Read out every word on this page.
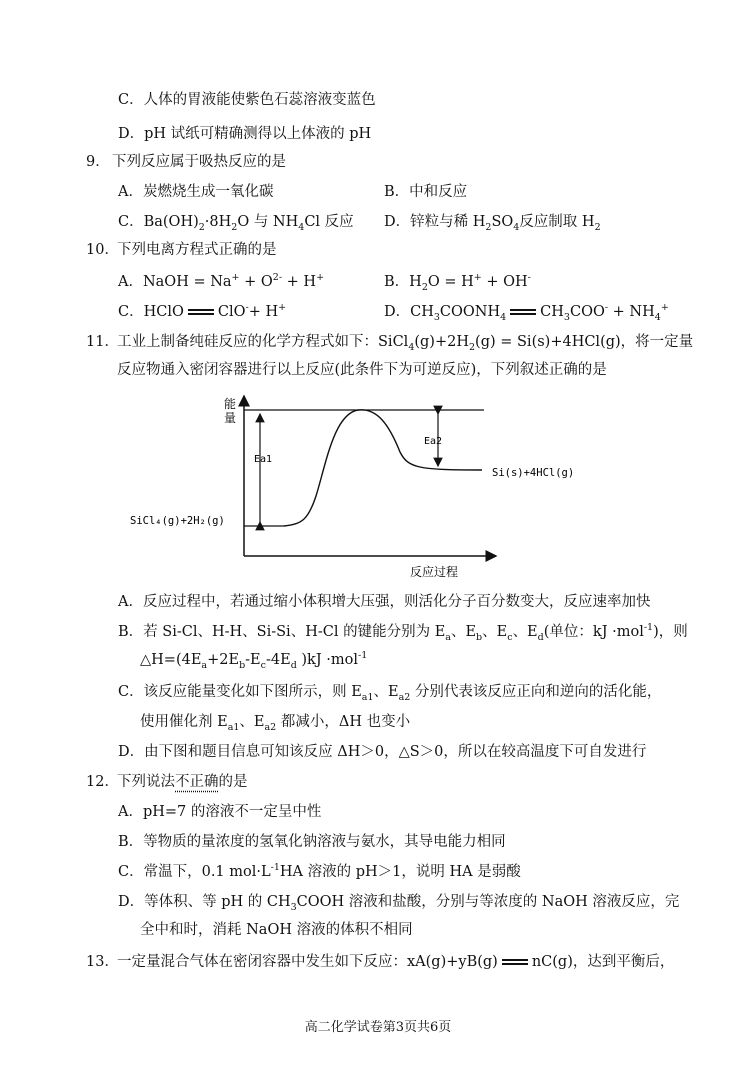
C．人体的胃液能使紫色石蕊溶液变蓝色
D．pH 试纸可精确测得以上体液的 pH
9． 下列反应属于吸热反应的是
A．炭燃烧生成一氧化碳	B．中和反应
C．$Ba(OH)_2\cdot 8H_2O$ 与 $NH_4Cl$ 反应 D．锌粒与稀 $H_2SO_4$反应制取 $H_2$
10．
下列电离方程式正确的是
A．NaOH = $Na^+ + O^{2-} + H^+$	B．$H_2O = H^+ + OH^-$
C．HClO ClO-+ H+	D．$CH_3COONH_4$ $CH_3COO^- + NH_4^+$
11．
工业上制备纯硅反应的化学方程式如下：$SiCl_4(g)+2H_2(g) = Si(s)+4HCl(g)$，将一定量
反应物通入密闭容器进行以上反应(此条件下为可逆反应)，下列叙述正确的是
能
量
反应过程
Ea1
Ea2
SiCl₄(g)+2H₂(g)
Si(s)+4HCl(g)
A．反应过程中，若通过缩小体积增大压强，则活化分子百分数变大，反应速率加快
B．若 Si-Cl、H-H、Si-Si、H-Cl 的键能分别为 $E_a$、$E_b$、$E_c$、$E_d$(单位：kJ ·mol$^{-1}$)，则
$\triangle H=(4E_a+2E_b-E_c-4E_d$ )kJ ·mol$^{-1}$
C．该反应能量变化如下图所示，则 $E_{a1}$、$E_{a2}$ 分别代表该反应正向和逆向的活化能，
使用催化剂 $E_{a1}$、$E_{a2}$ 都减小，ΔH 也变小
D．由下图和题目信息可知该反应 ΔH＞0，△S＞0，所以在较高温度下可自发进行
12．
下列说法不正确的是
A．pH=7 的溶液不一定呈中性
B．等物质的量浓度的氢氧化钠溶液与氨水，其导电能力相同
C．常温下，0.1 $mol\cdot L^{-1}HA$ 溶液的 pH＞1，说明 HA 是弱酸
D．等体积、等 pH 的 $CH_3COOH$ 溶液和盐酸，分别与等浓度的 NaOH 溶液反应，完
全中和时，消耗 NaOH 溶液的体积不相同
13．
一定量混合气体在密闭容器中发生如下反应：xA(g)+yB(g) nC(g)，达到平衡后，
高二化学试卷第3页共6页
